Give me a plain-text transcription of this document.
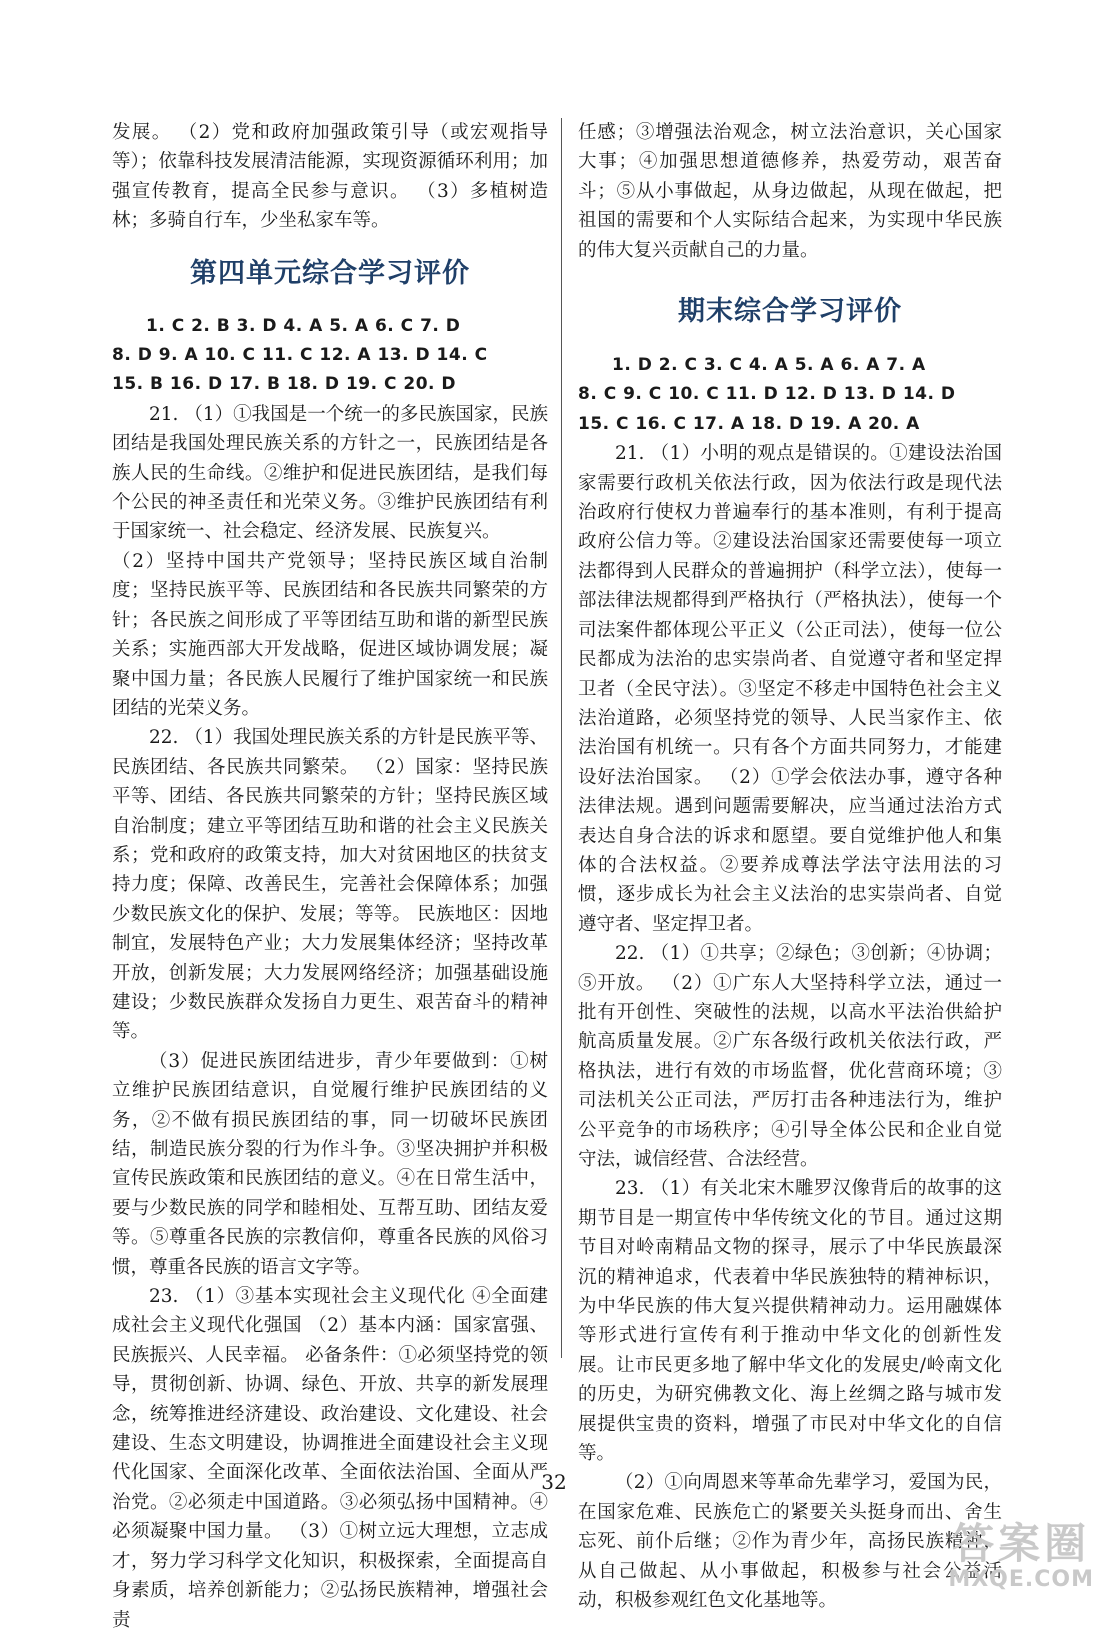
发展。 （2）党和政府加强政策引导（或宏观指导等）；依靠科技发展清洁能源，实现资源循环利用；加强宣传教育，提高全民参与意识。 （3）多植树造林；多骑自行车，少坐私家车等。

第四单元综合学习评价
1. C 2. B 3. D 4. A 5. A 6. C 7. D
8. D 9. A 10. C 11. C 12. A 13. D 14. C
15. B 16. D 17. B 18. D 19. C 20. D

21. （1）①我国是一个统一的多民族国家，民族团结是我国处理民族关系的方针之一，民族团结是各族人民的生命线。②维护和促进民族团结，是我们每个公民的神圣责任和光荣义务。③维护民族团结有利于国家统一、社会稳定、经济发展、民族复兴。

（2）坚持中国共产党领导；坚持民族区域自治制度；坚持民族平等、民族团结和各民族共同繁荣的方针；各民族之间形成了平等团结互助和谐的新型民族关系；实施西部大开发战略，促进区域协调发展；凝聚中国力量；各民族人民履行了维护国家统一和民族团结的光荣义务。

22. （1）我国处理民族关系的方针是民族平等、民族团结、各民族共同繁荣。 （2）国家：坚持民族平等、团结、各民族共同繁荣的方针；坚持民族区域自治制度；建立平等团结互助和谐的社会主义民族关系；党和政府的政策支持，加大对贫困地区的扶贫支持力度；保障、改善民生，完善社会保障体系；加强少数民族文化的保护、发展；等等。 民族地区：因地制宜，发展特色产业；大力发展集体经济；坚持改革开放，创新发展；大力发展网络经济；加强基础设施建设；少数民族群众发扬自力更生、艰苦奋斗的精神等。

（3）促进民族团结进步，青少年要做到：①树立维护民族团结意识，自觉履行维护民族团结的义务，②不做有损民族团结的事，同一切破坏民族团结，制造民族分裂的行为作斗争。③坚决拥护并积极宣传民族政策和民族团结的意义。④在日常生活中，要与少数民族的同学和睦相处、互帮互助、团结友爱等。⑤尊重各民族的宗教信仰，尊重各民族的风俗习惯，尊重各民族的语言文字等。

23. （1）③基本实现社会主义现代化 ④全面建成社会主义现代化强国 （2）基本内涵：国家富强、民族振兴、人民幸福。 必备条件：①必须坚持党的领导，贯彻创新、协调、绿色、开放、共享的新发展理念，统筹推进经济建设、政治建设、文化建设、社会建设、生态文明建设，协调推进全面建设社会主义现代化国家、全面深化改革、全面依法治国、全面从严治党。②必须走中国道路。③必须弘扬中国精神。④必须凝聚中国力量。 （3）①树立远大理想，立志成才，努力学习科学文化知识，积极探索，全面提高自身素质，培养创新能力；②弘扬民族精神，增强社会责

任感；③增强法治观念，树立法治意识，关心国家大事；④加强思想道德修养，热爱劳动，艰苦奋斗；⑤从小事做起，从身边做起，从现在做起，把祖国的需要和个人实际结合起来，为实现中华民族的伟大复兴贡献自己的力量。

期末综合学习评价
1. D 2. C 3. C 4. A 5. A 6. A 7. A
8. C 9. C 10. C 11. D 12. D 13. D 14. D
15. C 16. C 17. A 18. D 19. A 20. A

21. （1）小明的观点是错误的。①建设法治国家需要行政机关依法行政，因为依法行政是现代法治政府行使权力普遍奉行的基本准则，有利于提高政府公信力等。②建设法治国家还需要使每一项立法都得到人民群众的普遍拥护（科学立法），使每一部法律法规都得到严格执行（严格执法），使每一个司法案件都体现公平正义（公正司法），使每一位公民都成为法治的忠实崇尚者、自觉遵守者和坚定捍卫者（全民守法）。③坚定不移走中国特色社会主义法治道路，必须坚持党的领导、人民当家作主、依法治国有机统一。只有各个方面共同努力，才能建设好法治国家。 （2）①学会依法办事，遵守各种法律法规。遇到问题需要解决，应当通过法治方式表达自身合法的诉求和愿望。要自觉维护他人和集体的合法权益。②要养成尊法学法守法用法的习惯，逐步成长为社会主义法治的忠实崇尚者、自觉遵守者、坚定捍卫者。

22. （1）①共享；②绿色；③创新；④协调；⑤开放。 （2）①广东人大坚持科学立法，通过一批有开创性、突破性的法规，以高水平法治供給护航高质量发展。②广东各级行政机关依法行政，严格执法，进行有效的市场监督，优化营商环境；③司法机关公正司法，严厉打击各种违法行为，维护公平竞争的市场秩序；④引导全体公民和企业自觉守法，诚信经营、合法经营。

23. （1）有关北宋木雕罗汉像背后的故事的这期节目是一期宣传中华传统文化的节目。通过这期节目对岭南精品文物的探寻，展示了中华民族最深沉的精神追求，代表着中华民族独特的精神标识，为中华民族的伟大复兴提供精神动力。运用融媒体等形式进行宣传有利于推动中华文化的创新性发展。让市民更多地了解中华文化的发展史/岭南文化的历史，为研究佛教文化、海上丝绸之路与城市发展提供宝贵的资料，增强了市民对中华文化的自信等。

（2）①向周恩来等革命先辈学习，爱国为民，在国家危难、民族危亡的紧要关头挺身而出、舍生忘死、前仆后继；②作为青少年，高扬民族精神，从自己做起、从小事做起，积极参与社会公益活动，积极参观红色文化基地等。

32
答案圈
MXQE.COM
